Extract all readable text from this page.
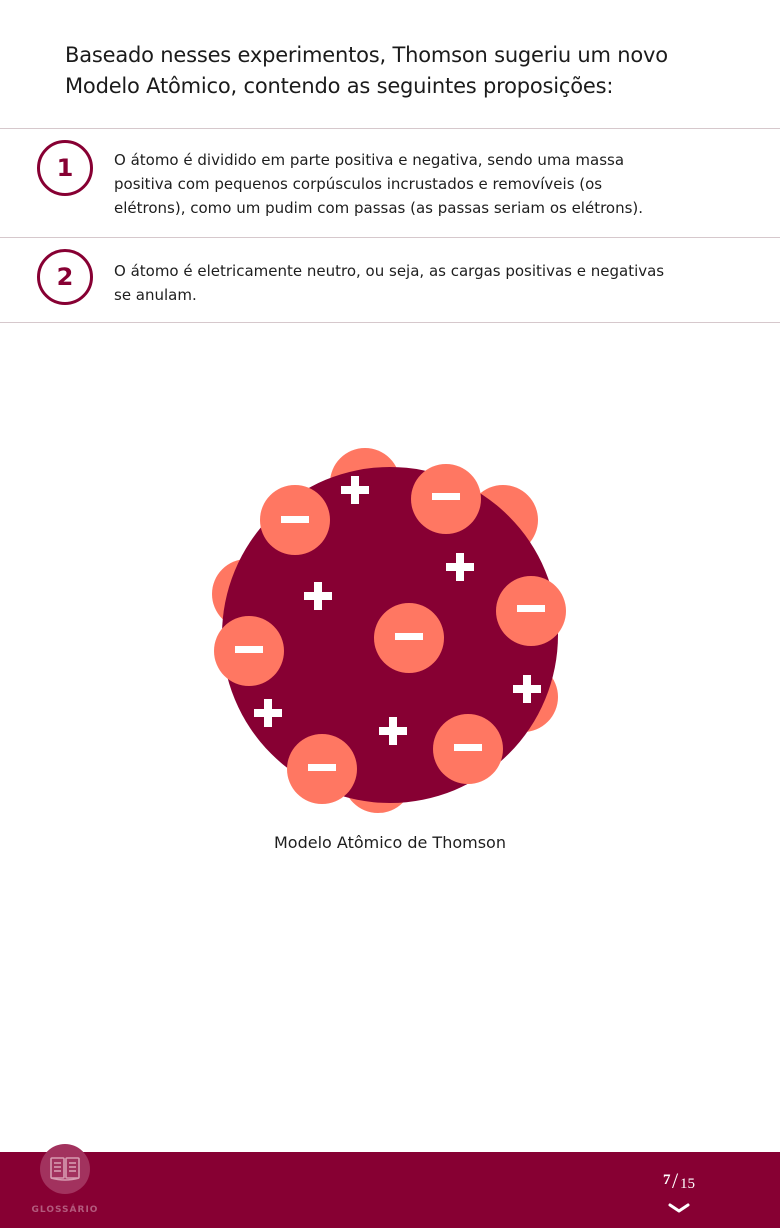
Baseado nesses experimentos, Thomson sugeriu um novo Modelo Atômico, contendo as seguintes proposições:

1	O átomo é dividido em parte positiva e negativa, sendo uma massa positiva com pequenos corpúsculos incrustados e removíveis (os elétrons), como um pudim com passas (as passas seriam os elétrons).

2	O átomo é eletricamente neutro, ou seja, as cargas positivas e negativas se anulam.

Modelo Atômico de Thomson

GLOSSÁRIO
7 / 15
